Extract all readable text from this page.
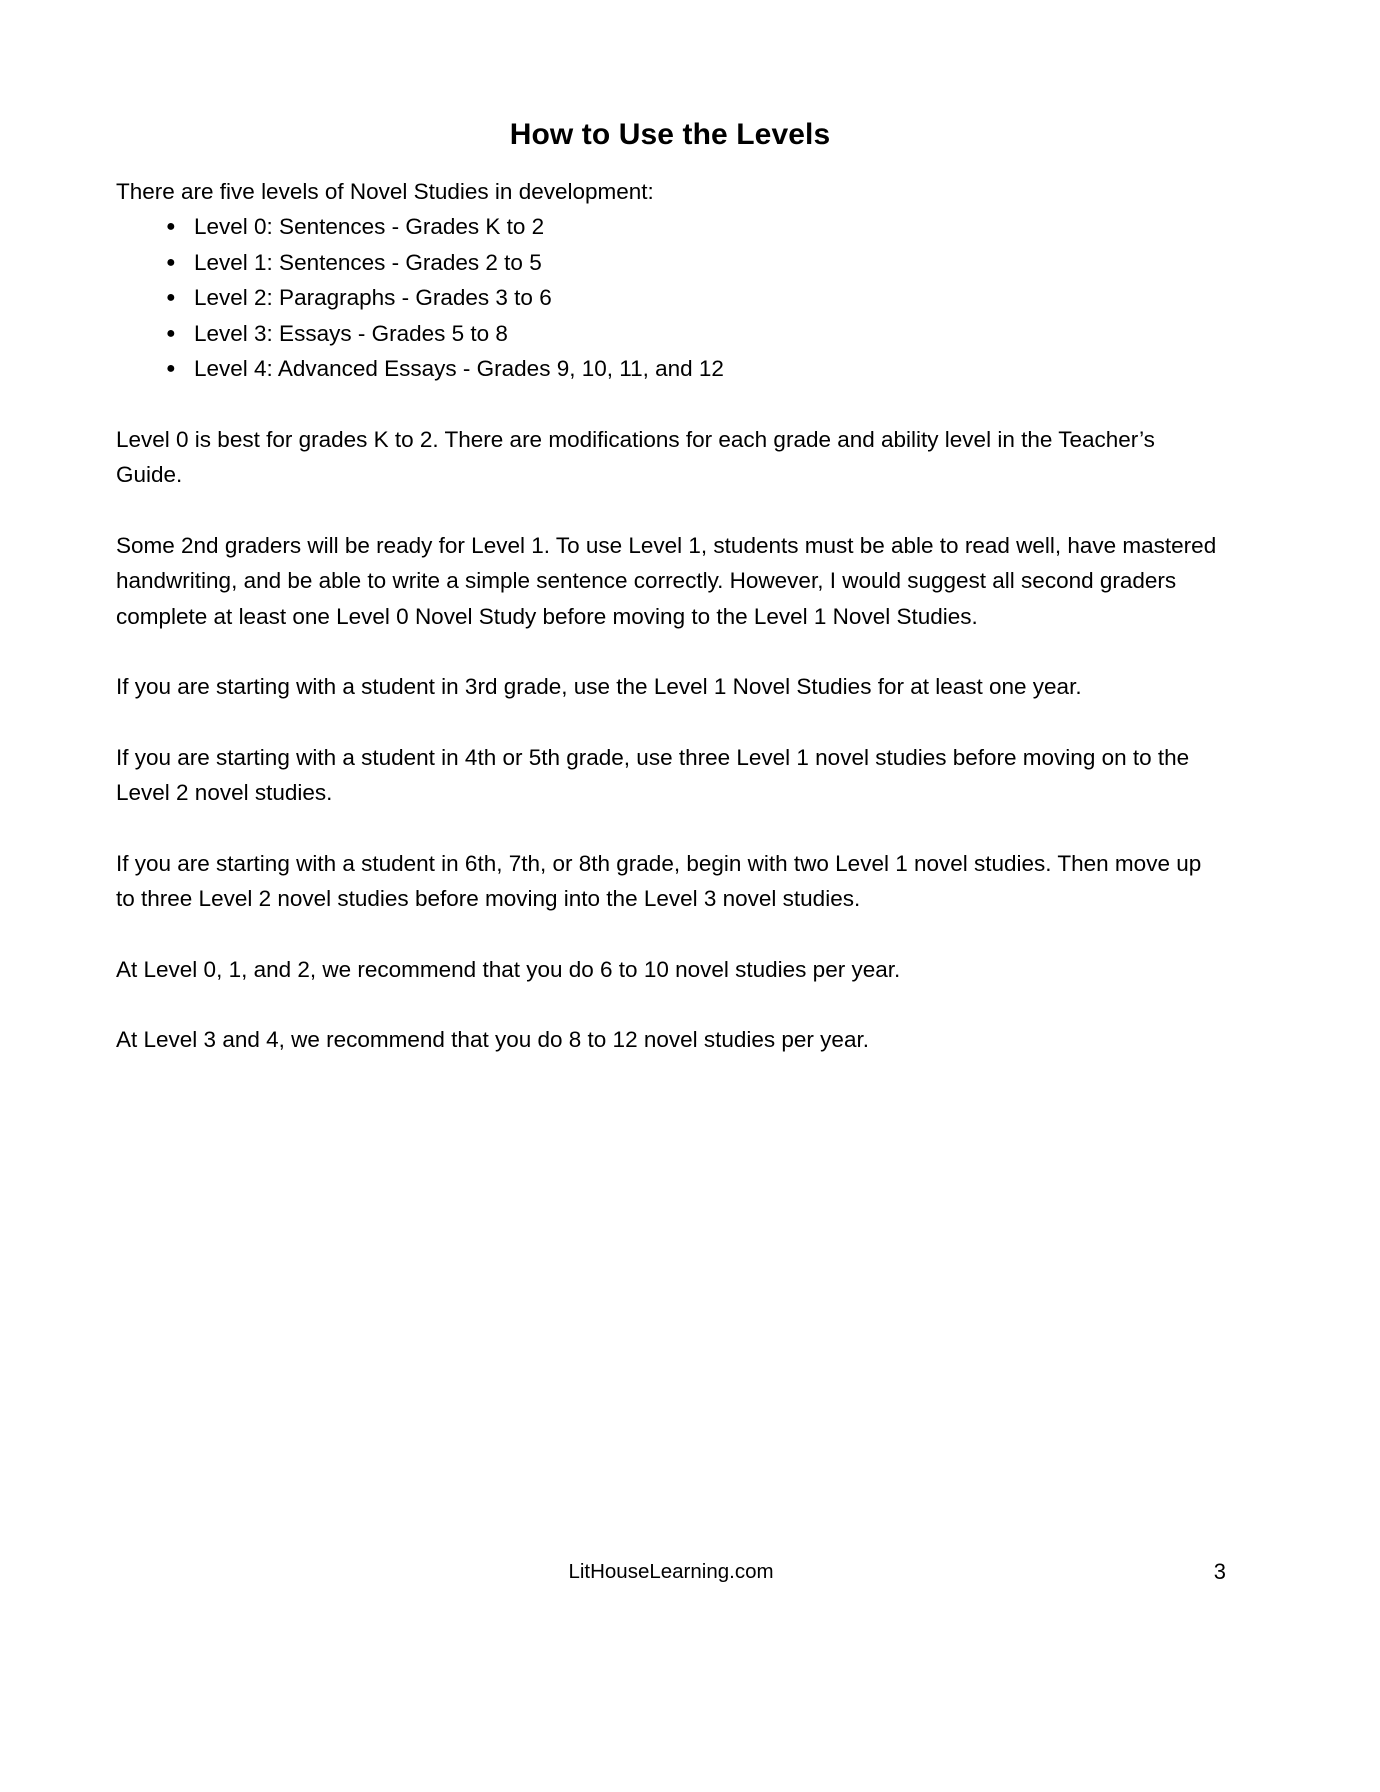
How to Use the Levels

There are five levels of Novel Studies in development:

● Level 0: Sentences - Grades K to 2
● Level 1: Sentences - Grades 2 to 5
● Level 2: Paragraphs - Grades 3 to 6
● Level 3: Essays - Grades 5 to 8
● Level 4: Advanced Essays - Grades 9, 10, 11, and 12

Level 0 is best for grades K to 2. There are modifications for each grade and ability level in the Teacher’s Guide.

Some 2nd graders will be ready for Level 1. To use Level 1, students must be able to read well, have mastered handwriting, and be able to write a simple sentence correctly. However, I would suggest all second graders complete at least one Level 0 Novel Study before moving to the Level 1 Novel Studies.

If you are starting with a student in 3rd grade, use the Level 1 Novel Studies for at least one year.

If you are starting with a student in 4th or 5th grade, use three Level 1 novel studies before moving on to the Level 2 novel studies.

If you are starting with a student in 6th, 7th, or 8th grade, begin with two Level 1 novel studies. Then move up to three Level 2 novel studies before moving into the Level 3 novel studies.

At Level 0, 1, and 2, we recommend that you do 6 to 10 novel studies per year.

At Level 3 and 4, we recommend that you do 8 to 12 novel studies per year.

LitHouseLearning.com	3
